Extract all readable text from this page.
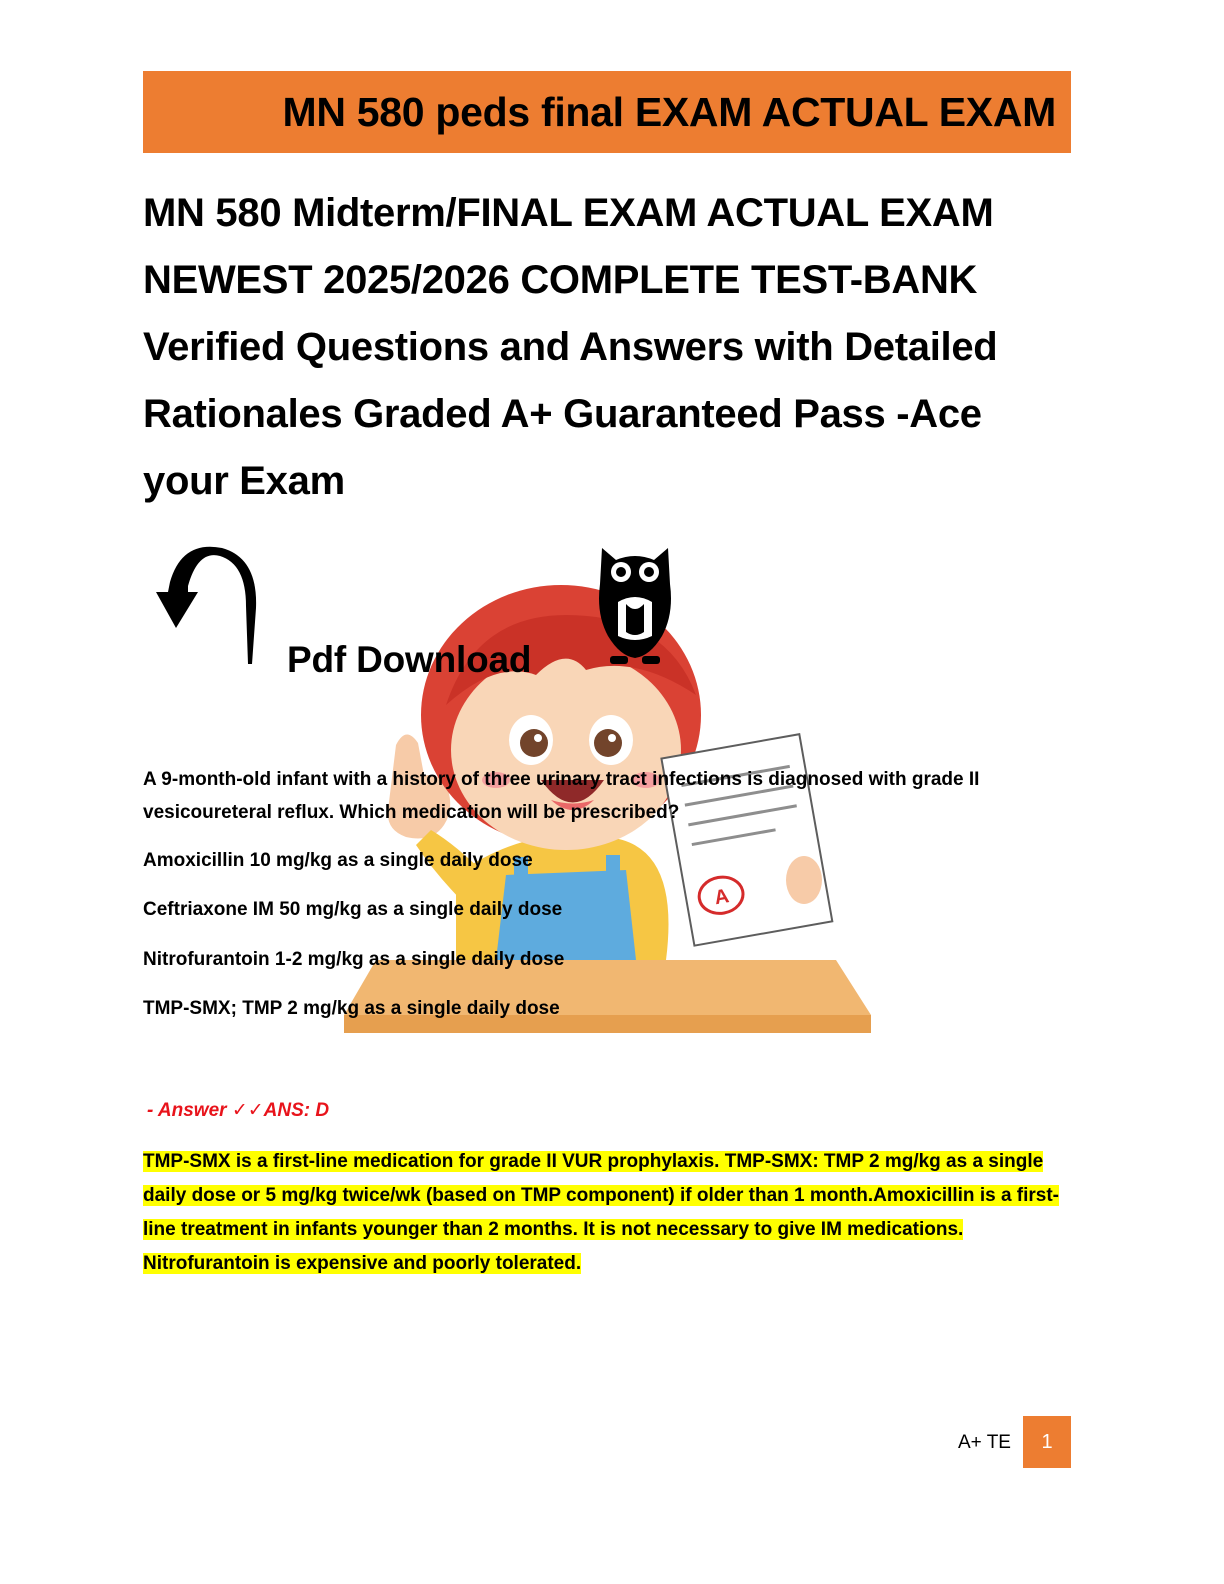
MN 580 peds final EXAM ACTUAL EXAM
MN 580 Midterm/FINAL EXAM ACTUAL EXAM
NEWEST 2025/2026 COMPLETE TEST-BANK
Verified Questions and Answers with Detailed
Rationales Graded A+ Guaranteed Pass -Ace
your Exam
A
Pdf Download

A 9-month-old infant with a history of three urinary tract infections is diagnosed with grade II vesicoureteral reflux. Which medication will be prescribed?

Amoxicillin 10 mg/kg as a single daily dose

Ceftriaxone IM 50 mg/kg as a single daily dose

Nitrofurantoin 1-2 mg/kg as a single daily dose

TMP-SMX; TMP 2 mg/kg as a single daily dose

- Answer ✓✓ANS: D

TMP-SMX is a first-line medication for grade II VUR prophylaxis. TMP-SMX: TMP 2 mg/kg as a single daily dose or 5 mg/kg twice/wk (based on TMP component) if older than 1 month.Amoxicillin is a first-line treatment in infants younger than 2 months. It is not necessary to give IM medications. Nitrofurantoin is expensive and poorly tolerated.

A+ TE	1
